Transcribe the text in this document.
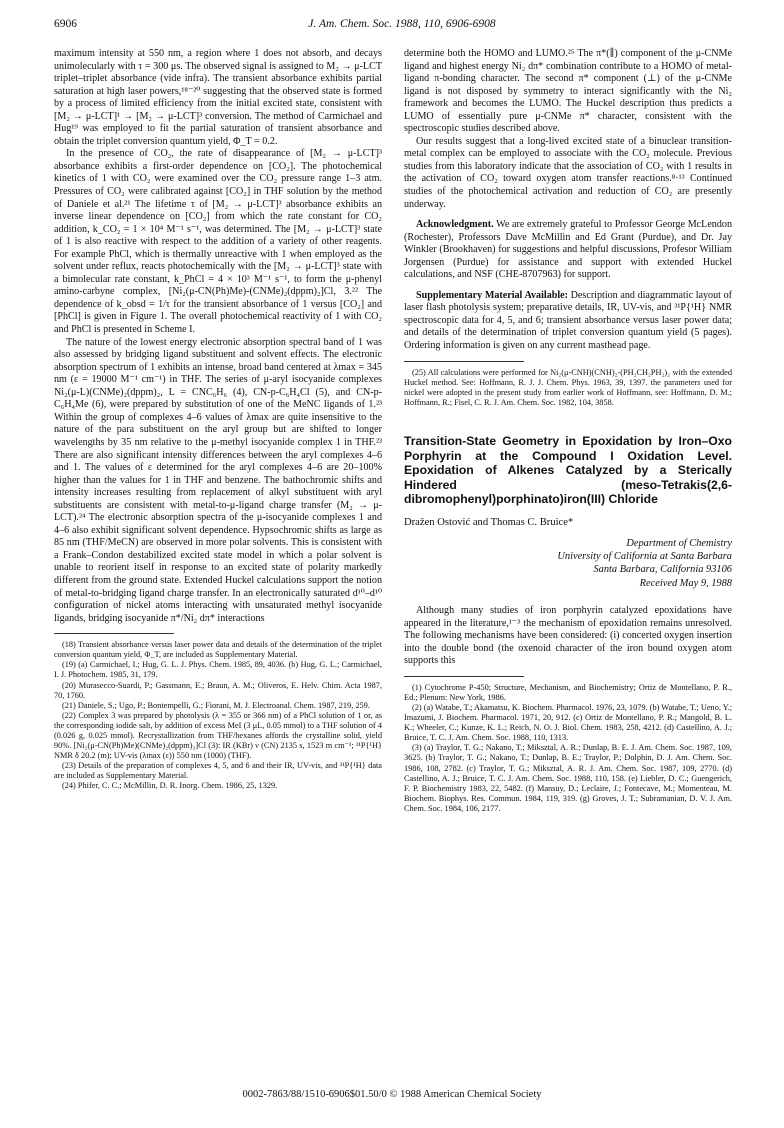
6906	J. Am. Chem. Soc. 1988, 110, 6906-6908

maximum intensity at 550 nm, a region where 1 does not absorb, and decays unimolecularly with τ = 300 μs. The observed signal is assigned to M₂ → μ-LCT triplet–triplet absorbance (vide infra). The transient absorbance exhibits partial saturation at high laser powers,¹⁸⁻²⁰ suggesting that the observed state is formed by a process of limited efficiency from the initial excited state, consistent with [M₂ → μ-LCT]¹ → [M₂ → μ-LCT]³ conversion. The method of Carmichael and Hug¹⁹ was employed to fit the partial saturation of transient absorbance and obtain the triplet conversion quantum yield, Φ_T = 0.2.

In the presence of CO₂, the rate of disappearance of [M₂ → μ-LCT]³ absorbance exhibits a first-order dependence on [CO₂]. The photochemical kinetics of 1 with CO₂ were examined over the CO₂ pressure range 1–3 atm. Pressures of CO₂ were calibrated against [CO₂] in THF solution by the method of Daniele et al.²¹ The lifetime τ of [M₂ → μ-LCT]³ absorbance exhibits an inverse linear dependence on [CO₂] from which the rate constant for CO₂ addition, k_CO₂ = 1 × 10⁴ M⁻¹ s⁻¹, was determined. The [M₂ → μ-LCT]³ state of 1 is also reactive with respect to the addition of a variety of other reagents. For example PhCl, which is thermally unreactive with 1 when employed as the solvent under reflux, reacts photochemically with the [M₂ → μ-LCT]³ state with a bimolecular rate constant, k_PhCl = 4 × 10³ M⁻¹ s⁻¹, to form the μ-phenyl amino-carbyne complex, [Ni₂(μ-CN(Ph)Me)-(CNMe)₂(dppm)₂]Cl, 3.²² The dependence of k_obsd = 1/τ for the transient absorbance of 1 versus [CO₂] and [PhCl] is given in Figure 1. The overall photochemical reactivity of 1 with CO₂ and PhCl is presented in Scheme I.

The nature of the lowest energy electronic absorption spectral band of 1 was also assessed by bridging ligand substituent and solvent effects. The electronic absorption spectrum of 1 exhibits an intense, broad band centered at λmax = 345 nm (ε = 19000 M⁻¹ cm⁻¹) in THF. The series of μ-aryl isocyanide complexes Ni₂(μ-L)(CNMe)₂(dppm)₂, L = CNC₆H₆ (4), CN-p-C₆H₄Cl (5), and CN-p-C₆H₄Me (6), were prepared by substitution of one of the MeNC ligands of 1.²³ Within the group of complexes 4–6 values of λmax are quite insensitive to the nature of the para substituent on the aryl group but are shifted to longer wavelengths by 35 nm relative to the μ-methyl isocyanide complex 1 in THF.²³ There are also significant intensity differences between the aryl complexes 4–6 and 1. The values of ε determined for the aryl complexes 4–6 are 20–100% higher than the values for 1 in THF and benzene. The bathochromic shifts and intensity increases resulting from replacement of alkyl substituent with aryl substituents are consistent with metal-to-μ-ligand charge transfer (M₂ → μ-LCT).²⁴ The electronic absorption spectra of the μ-isocyanide complexes 1 and 4–6 also exhibit significant solvent dependence. Hypsochromic shifts as large as 85 nm (THF/MeCN) are observed in more polar solvents. This is consistent with a Frank–Condon destabilized excited state model in which a polar solvent is unable to reorient itself in response to an excited state of polarity markedly different from the ground state. Extended Huckel calculations support the notion of metal-to-bridging ligand charge transfer. In an electronically saturated d¹⁰–d¹⁰ configuration of nickel atoms interacting with unsaturated methyl isocyanide ligands, bridging isocyanide π*/Ni₂ dπ* interactions

(18) Transient absorbance versus laser power data and details of the determination of the triplet conversion quantum yield, Φ_T, are included as Supplementary Material.

(19) (a) Carmichael, I.; Hug, G. L. J. Phys. Chem. 1985, 89, 4036. (b) Hug, G. L.; Carmichael, I. J. Photochem. 1985, 31, 179.

(20) Murasecco-Suardi, P.; Gassmann, E.; Braun, A. M.; Oliveros, E. Helv. Chim. Acta 1987, 70, 1760.

(21) Daniele, S.; Ugo, P.; Bontempelli, G.; Fiorani, M. J. Electroanal. Chem. 1987, 219, 259.

(22) Complex 3 was prepared by photolysis (λ = 355 or 366 nm) of a PhCl solution of 1 or, as the corresponding iodide salt, by addition of excess MeI (3 μL, 0.05 mmol) to a THF solution of 4 (0.026 g, 0.025 mmol). Recrystallization from THF/hexanes affords the crystalline solid, yield 90%. [Ni₂(μ-CN(Ph)Me)(CNMe)₂(dppm)₂]Cl (3): IR (KBr) ν (CN) 2135 s, 1523 m cm⁻¹; ³¹P{¹H} NMR δ 20.2 (m); UV-vis (λmax (ε)) 550 nm (1000) (THF).

(23) Details of the preparation of complexes 4, 5, and 6 and their IR, UV-vis, and ³¹P{¹H} data are included as Supplementary Material.

(24) Phifer, C. C.; McMillin, D. R. Inorg. Chem. 1986, 25, 1329.

determine both the HOMO and LUMO.²⁵ The π*(∥) component of the μ-CNMe ligand and highest energy Ni₂ dπ* combination contribute to a HOMO of metal-ligand π-bonding character. The second π* component (⊥) of the μ-CNMe ligand is not disposed by symmetry to interact significantly with the Ni₂ framework and becomes the LUMO. The Huckel description thus predicts a LUMO of essentially pure μ-CNMe π* character, consistent with the spectroscopic studies described above.

Our results suggest that a long-lived excited state of a binuclear transition-metal complex can be employed to associate with the CO₂ molecule. Previous studies from this laboratory indicate that the association of CO₂ with 1 results in the activation of CO₂ toward oxygen atom transfer reactions.⁸·¹³ Continued studies of the photochemical activation and reduction of CO₂ are presently underway.

Acknowledgment. We are extremely grateful to Professor George McLendon (Rochester), Professors Dave McMillin and Ed Grant (Purdue), and Dr. Jay Winkler (Brookhaven) for suggestions and helpful discussions, Profesor William Jorgensen (Purdue) for assistance and support with extended Huckel calculations, and NSF (CHE-8707963) for support.

Supplementary Material Available: Description and diagrammatic layout of laser flash photolysis system; preparative details, IR, UV-vis, and ³¹P{¹H} NMR spectroscopic data for 4, 5, and 6; transient absorbance versus laser power data; and details of the determination of triplet conversion quantum yield (5 pages). Ordering information is given on any current masthead page.

(25) All calculations were performed for Ni₂(μ-CNH)(CNH)₂-(PH₂CH₂PH₂)₂ with the extended Huckel method. See: Hoffmann, R. J. J. Chem. Phys. 1963, 39, 1397. the parameters used for nickel were adopted in the present study from earlier work of Hoffmann, see: Hoffmann, D. M.; Hoffmann, R.; Fisel, C. R. J. Am. Chem. Soc. 1982, 104, 3858.

Transition-State Geometry in Epoxidation by Iron–Oxo Porphyrin at the Compound I Oxidation Level. Epoxidation of Alkenes Catalyzed by a Sterically Hindered (meso-Tetrakis(2,6-dibromophenyl)porphinato)iron(III) Chloride
Dražen Ostović and Thomas C. Bruice*
Department of Chemistry
University of California at Santa Barbara
Santa Barbara, California 93106
Received May 9, 1988

Although many studies of iron porphyrin catalyzed epoxidations have appeared in the literature,¹⁻³ the mechanism of epoxidation remains unresolved. The following mechanisms have been considered: (i) concerted oxygen insertion into the double bond (the oxenoid character of the iron bound oxygen atom supports this

(1) Cytochrome P-450; Structure, Mechanism, and Biochemistry; Ortiz de Montellano, P. R., Ed.; Plenum: New York, 1986.

(2) (a) Watabe, T.; Akamatsu, K. Biochem. Pharmacol. 1976, 23, 1079. (b) Watabe, T.; Ueno, Y.; Imazumi, J. Biochem. Pharmacol. 1971, 20, 912. (c) Ortiz de Montellano, P. R.; Mangold, B. L. K.; Wheeler, C.; Kunze, K. L.; Reich, N. O. J. Biol. Chem. 1983, 258, 4212. (d) Castellino, A. J.; Bruice, T. C. J. Am. Chem. Soc. 1988, 110, 1313.

(3) (a) Traylor, T. G.; Nakano, T.; Miksztal, A. R.; Dunlap, B. E. J. Am. Chem. Soc. 1987, 109, 3625. (b) Traylor, T. G.; Nakano, T.; Dunlap, B. E.; Traylor, P.; Dolphin, D. J. Am. Chem. Soc. 1986, 108, 2782. (c) Traylor, T. G.; Miksztal, A. R. J. Am. Chem. Soc. 1987, 109, 2770. (d) Castellino, A. J.; Bruice, T. C. J. Am. Chem. Soc. 1988, 110, 158. (e) Liebler, D. C.; Guengerich, F. P. Biochemistry 1983, 22, 5482. (f) Mansuy, D.; Leclaire, J.; Fontecave, M.; Momenteau, M. Biochem. Biophys. Res. Commun. 1984, 119, 319. (g) Groves, J. T.; Subramanian, D. V. J. Am. Chem. Soc. 1984, 106, 2177.

0002-7863/88/1510-6906$01.50/0 © 1988 American Chemical Society
